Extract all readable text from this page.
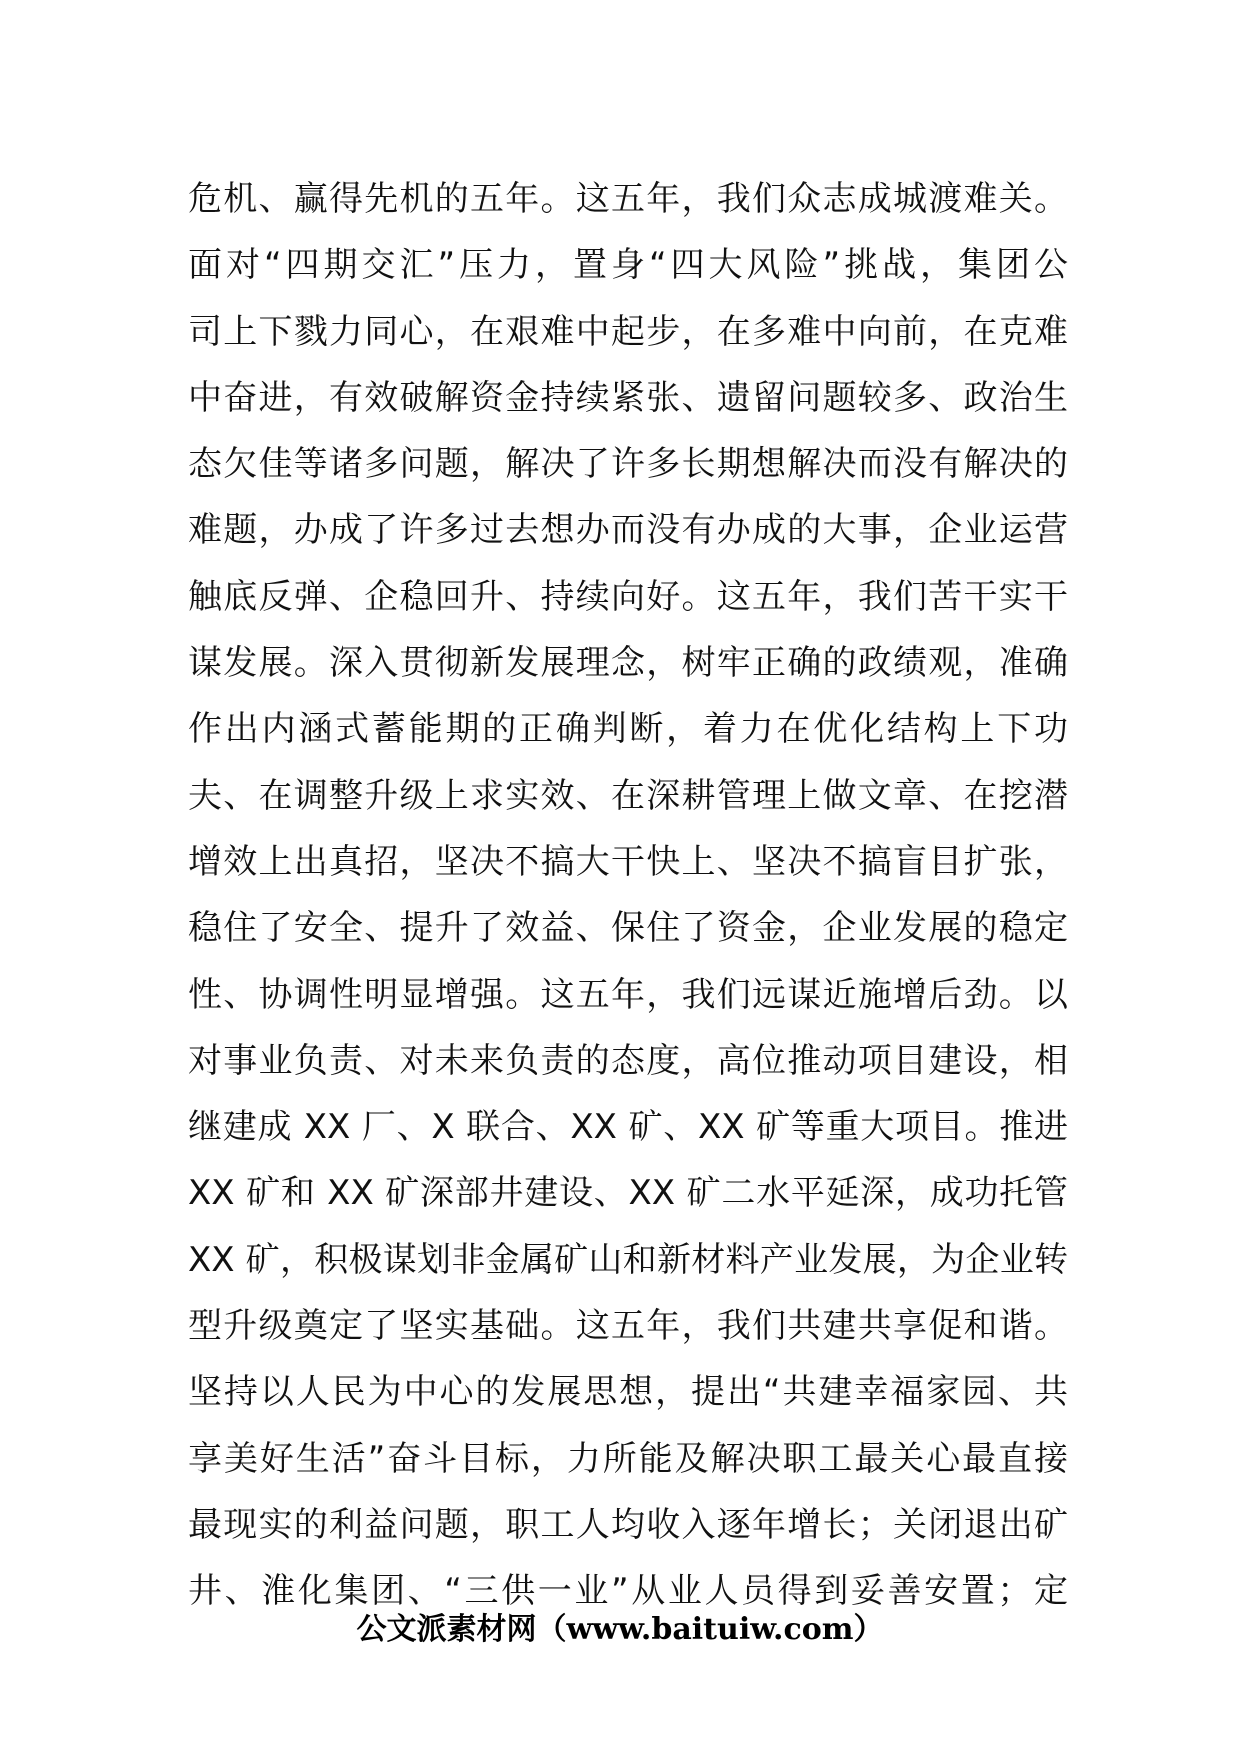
危机、赢得先机的五年。这五年，我们众志成城渡难关。
面对“四期交汇”压力，置身“四大风险”挑战，集团公
司上下戮力同心，在艰难中起步，在多难中向前，在克难
中奋进，有效破解资金持续紧张、遗留问题较多、政治生
态欠佳等诸多问题，解决了许多长期想解决而没有解决的
难题，办成了许多过去想办而没有办成的大事，企业运营
触底反弹、企稳回升、持续向好。这五年，我们苦干实干
谋发展。深入贯彻新发展理念，树牢正确的政绩观，准确
作出内涵式蓄能期的正确判断，着力在优化结构上下功
夫、在调整升级上求实效、在深耕管理上做文章、在挖潜
增效上出真招，坚决不搞大干快上、坚决不搞盲目扩张，
稳住了安全、提升了效益、保住了资金，企业发展的稳定
性、协调性明显增强。这五年，我们远谋近施增后劲。以
对事业负责、对未来负责的态度，高位推动项目建设，相
继建成 XX 厂、X 联合、XX 矿、XX 矿等重大项目。推进
XX 矿和 XX 矿深部井建设、XX 矿二水平延深，成功托管
XX 矿，积极谋划非金属矿山和新材料产业发展，为企业转
型升级奠定了坚实基础。这五年，我们共建共享促和谐。
坚持以人民为中心的发展思想，提出“共建幸福家园、共
享美好生活”奋斗目标，力所能及解决职工最关心最直接
最现实的利益问题，职工人均收入逐年增长；关闭退出矿
井、淮化集团、“三供一业”从业人员得到妥善安置；定
公文派素材网（www.baituiw.com）
